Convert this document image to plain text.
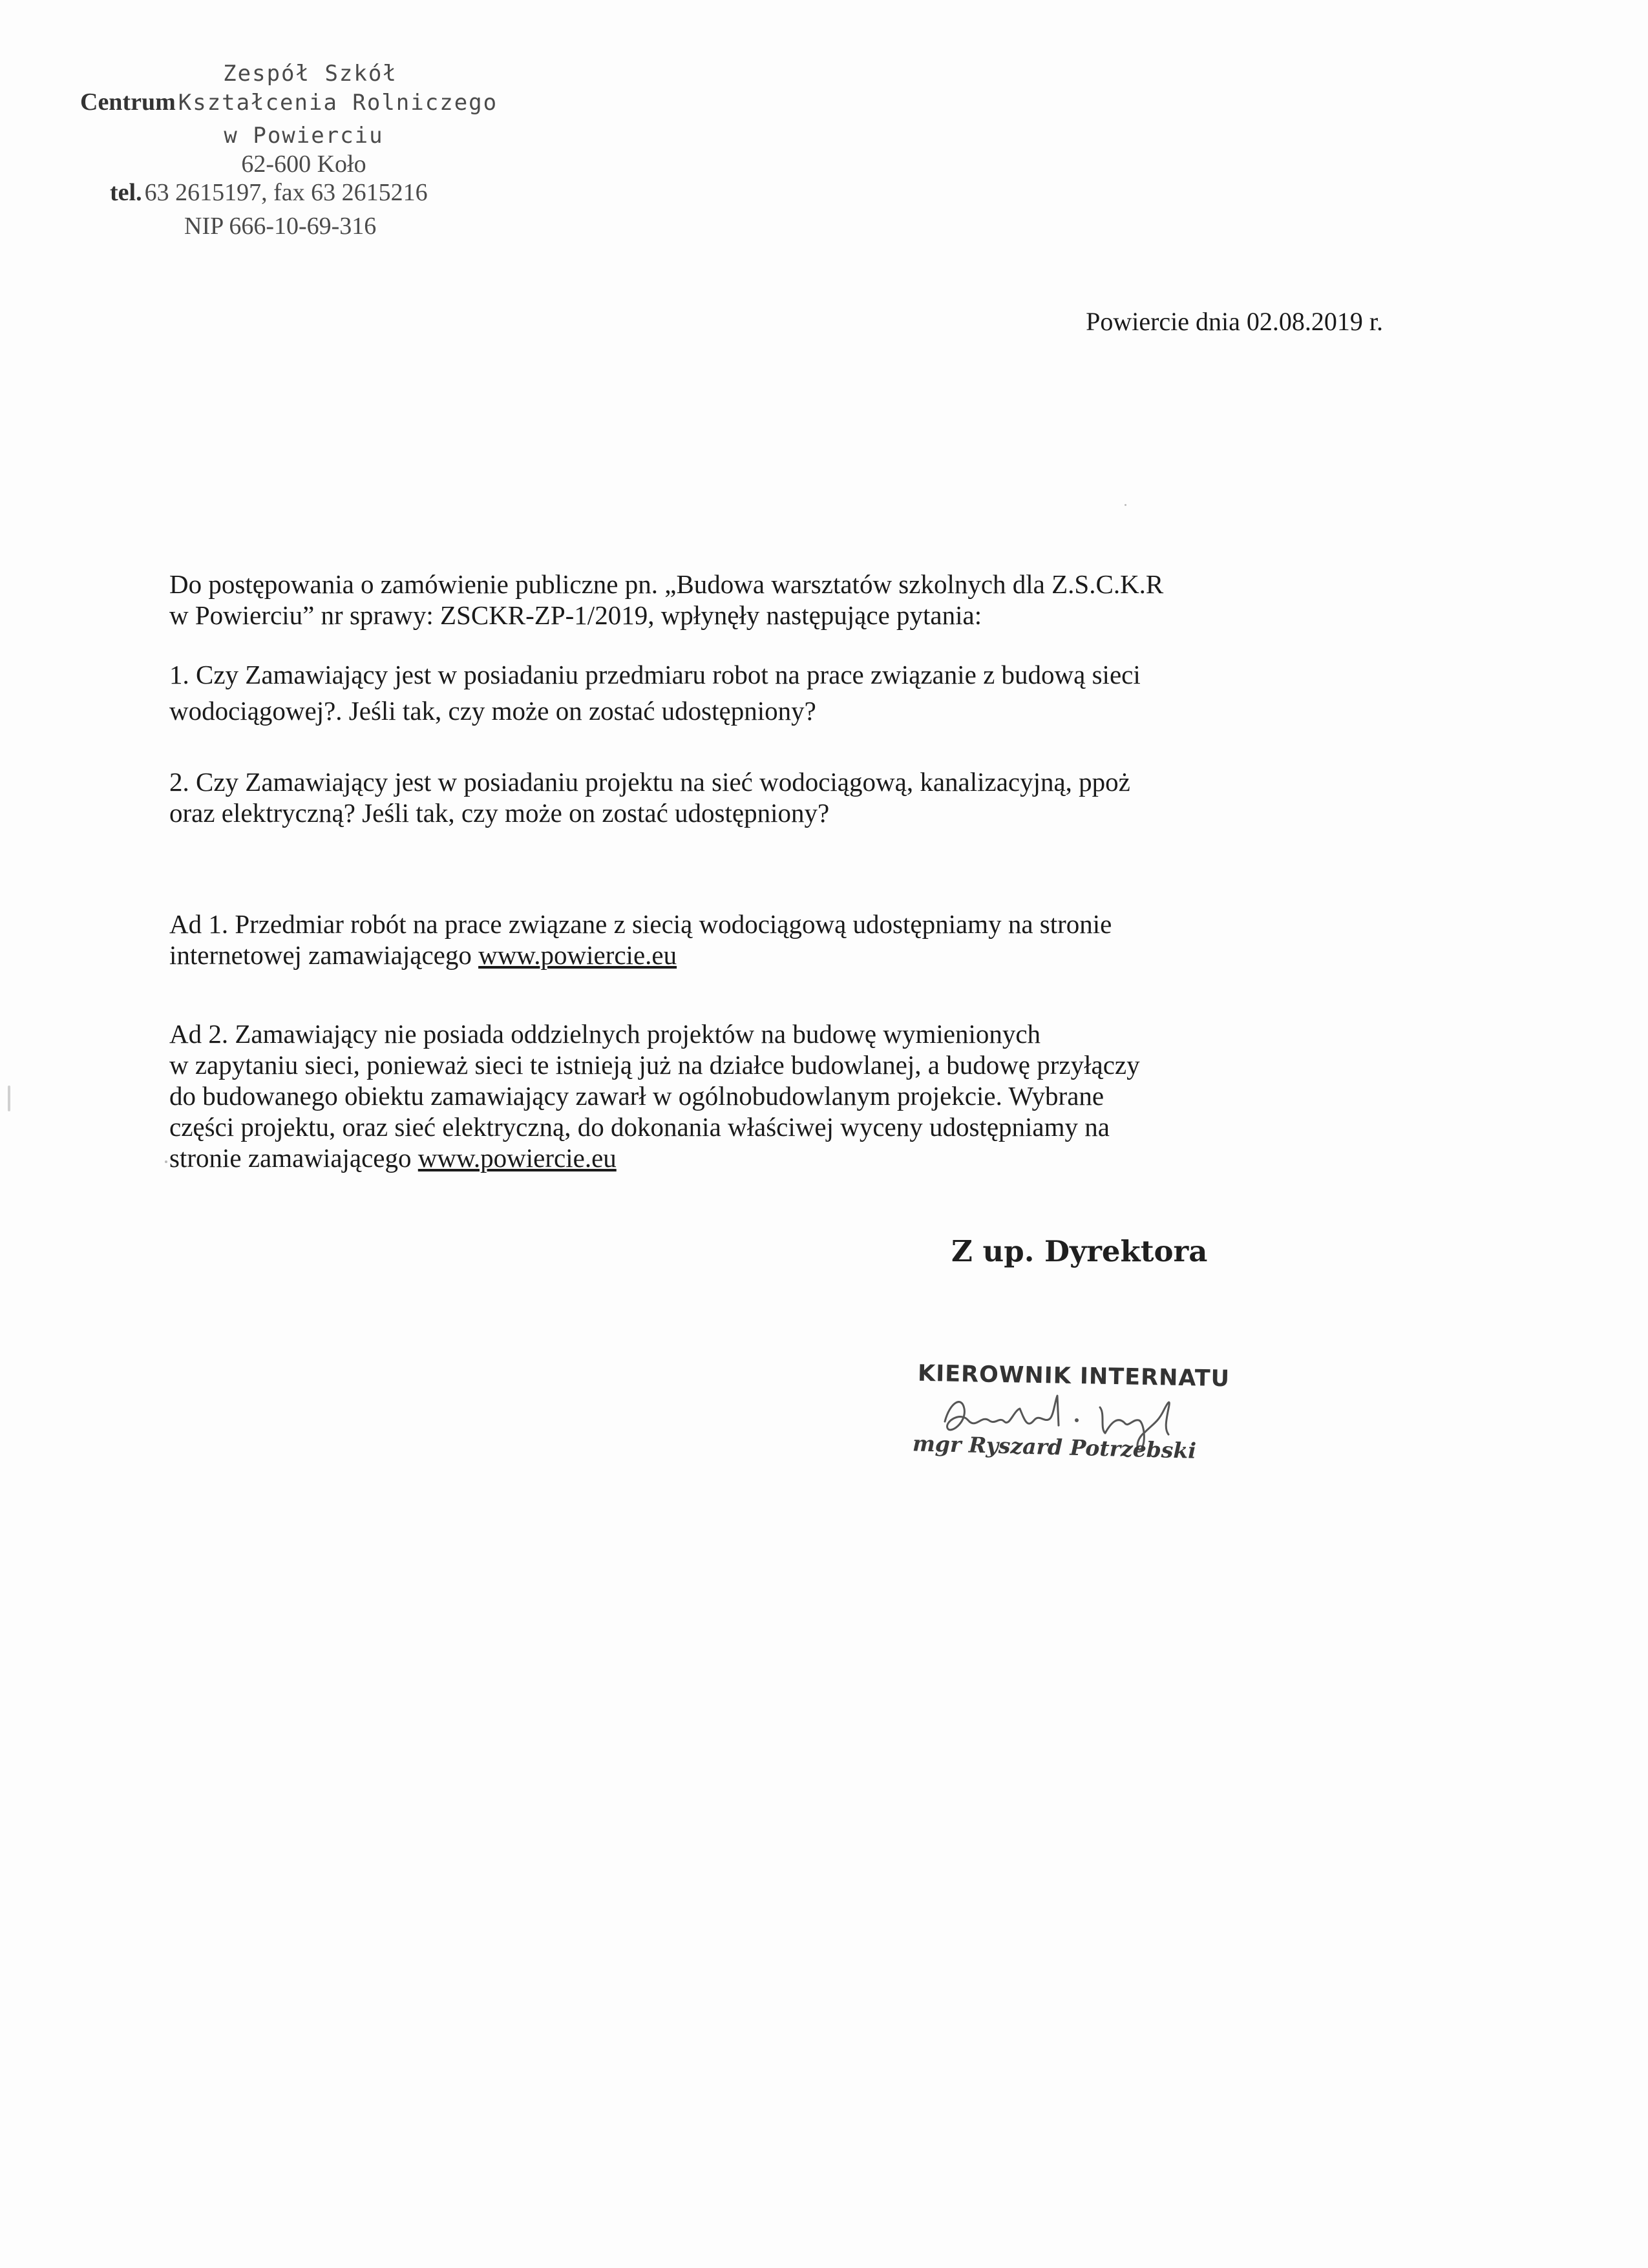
Zespół Szkół
Centrum Kształcenia Rolniczego
w Powierciu
62-600 Koło
tel. 63 2615197, fax 63 2615216
NIP 666-10-69-316
Powiercie dnia 02.08.2019 r.

Do postępowania o zamówienie publiczne pn. „Budowa warsztatów szkolnych dla Z.S.C.K.R
w Powierciu” nr sprawy: ZSCKR-ZP-1/2019, wpłynęły następujące pytania:

1. Czy Zamawiający jest w posiadaniu przedmiaru robot na prace związanie z budową sieci
wodociągowej?. Jeśli tak, czy może on zostać udostępniony?

2. Czy Zamawiający jest w posiadaniu projektu na sieć wodociągową, kanalizacyjną, ppoż
oraz elektryczną? Jeśli tak, czy może on zostać udostępniony?

Ad 1. Przedmiar robót na prace związane z siecią wodociągową udostępniamy na stronie
internetowej zamawiającego www.powiercie.eu

Ad 2. Zamawiający nie posiada oddzielnych projektów na budowę wymienionych
w zapytaniu sieci, ponieważ sieci te istnieją już na działce budowlanej, a budowę przyłączy
do budowanego obiektu zamawiający zawarł w ogólnobudowlanym projekcie. Wybrane
części projektu, oraz sieć elektryczną, do dokonania właściwej wyceny udostępniamy na
stronie zamawiającego www.powiercie.eu

Z up. Dyrektora
KIEROWNIK INTERNATU
mgr Ryszard Potrzebski
